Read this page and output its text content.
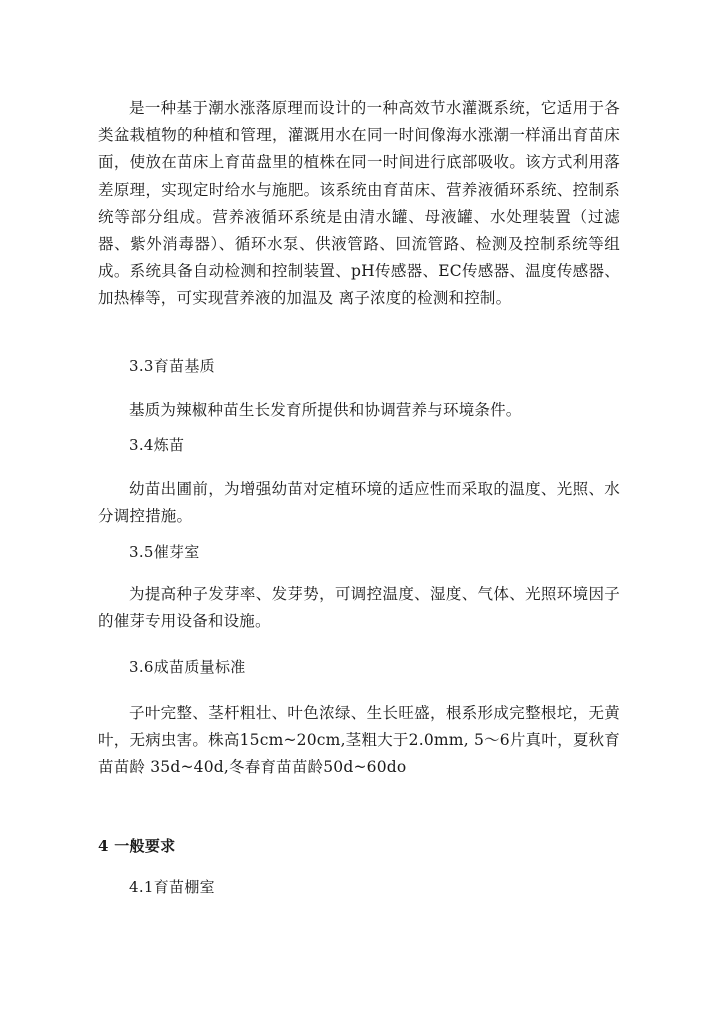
是一种基于潮水涨落原理而设计的一种高效节水灌溉系统，它适用于各类盆栽植物的种植和管理，灌溉用水在同一时间像海水涨潮一样涌出育苗床面，使放在苗床上育苗盘里的植株在同一时间进行底部吸收。该方式利用落差原理，实现定时给水与施肥。该系统由育苗床、营养液循环系统、控制系统等部分组成。营养液循环系统是由清水罐、母液罐、水处理装置（过滤器、紫外消毒器）、循环水泵、供液管路、回流管路、检测及控制系统等组成。系统具备自动检测和控制装置、pH传感器、EC传感器、温度传感器、加热棒等，可实现营养液的加温及 离子浓度的检测和控制。

3.3育苗基质

基质为辣椒种苗生长发育所提供和协调营养与环境条件。

3.4炼苗

幼苗出圃前，为增强幼苗对定植环境的适应性而采取的温度、光照、水分调控措施。

3.5催芽室

为提高种子发芽率、发芽势，可调控温度、湿度、气体、光照环境因子的催芽专用设备和设施。

3.6成苗质量标准

子叶完整、茎杆粗壮、叶色浓绿、生长旺盛，根系形成完整根坨，无黄叶，无病虫害。株高15cm~20cm,茎粗大于2.0mm, 5～6片真叶，夏秋育苗苗龄 35d~40d,冬春育苗苗龄50d~60do

4 一般要求

4.1育苗棚室
